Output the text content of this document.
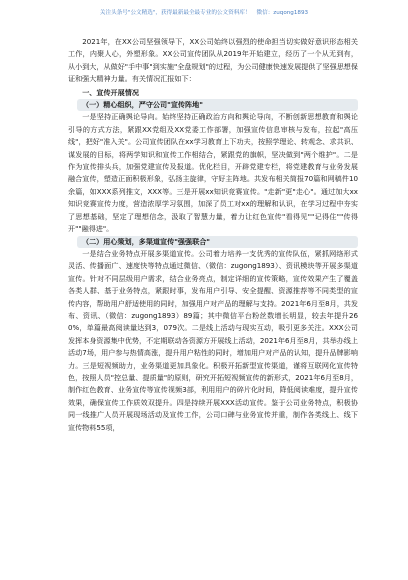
关注头条号"公文精选"，获得最新最全最专业的公文资料库！ 微信：zuqong1893

2021年，在XX公司坚强领导下，XX公司始终以强烈的使命担当切实做好意识形态相关工作，内聚人心，外塑形象。XX公司宣传团队从2019年开始建立，经历了一个从无到有，从小到大，从做好"手中事"到实施"全盘规划"的过程，为公司健康快速发展提供了坚强思想保证和强大精神力量。有关情况汇报如下：

一、宣传开展情况

（一）精心组织，严守公司"宣传阵地"

一是坚持正确舆论导向。始终坚持正确政治方向和舆论导向，不断创新思想教育和舆论引导的方式方法，紧跟XX党组及XX党委工作部署，加强宣传信息审核与发布，拉起"高压线"，把好"准入关"。公司宣传团队在xx学习教育上下功夫，按照学理论、转观念、求共识、谋发展的目标，将两学知识和宣传工作相结合，紧跟党的旗帜，坚决做到"两个维护"。二是作为宣传排头兵，加强党建宣传及报道。优化栏目，开辟党建专栏，将党建教育与业务发展融合宣传，塑造正面积极形象，弘扬主旋律，守好主阵地。共发布相关简报70篇和网稿件10余篇，如XXX系列推文，XXX等。三是开展xx知识竞赛宣传。"走新"更"走心"。通过加大xx知识竞赛宣传力度，营造浓厚学习氛围，加深了员工对xx的理解和认识，在学习过程中夯实了思想基础，坚定了理想信念，汲取了智慧力量，着力让红色宣传"看得见""记得住""传得开""融得进"。

（二）用心策划，多渠道宣传"强强联合"

一是结合业务特点开展多渠道宣传。公司着力培养一支优秀的宣传队伍，紧抓网络形式灵活、传播面广、速度快等特点通过微信、（微信：zugong1893）、资讯模块等开展多渠道宣传。针对不同层级用户需求，结合业务亮点，制定详细的宣传策略，宣传效果产生了覆盖各类人群、基于业务特点，紧跟时事，发布用户引导、安全提醒、资源推荐等不同类型的宣传内容，帮助用户舒适使用的同时，加强用户对产品的理解与支持。2021年6月至8月，共发布、资讯、（微信：zugong1893）89篇；其中微信平台粉丝数增长明显，较去年提升260%，单篇最高阅读量达到3，079次。二是线上活动与现实互动，吸引更多关注。XXX公司发挥本身资源集中优势，不定期联动各资源方开展线上活动，2021年6月至8月，共举办线上活动7场，用户参与热情高涨，提升用户粘性的同时，增加用户对产品的认知，提升品牌影响力。三是短视频助力，业务渠道更加具象化。积极开拓新型宣传渠道，谨将互联网化宣传特色，按照人员"控总量、提质量"的原则，研究开拓短视频宣传的新形式，2021年6月至8月，制作红色教育、业务宣传等宣传视频3部，利用用户的碎片化时间，降低阅读难度，提升宣传效果，确保宣传工作质效双提升。四是持续开展XXX活动宣传。鉴于公司业务特点，积极协同一线推广人员开展现场活动及宣传工作，公司口碑与业务宣传并重，制作各类线上、线下宣传物料55项，
